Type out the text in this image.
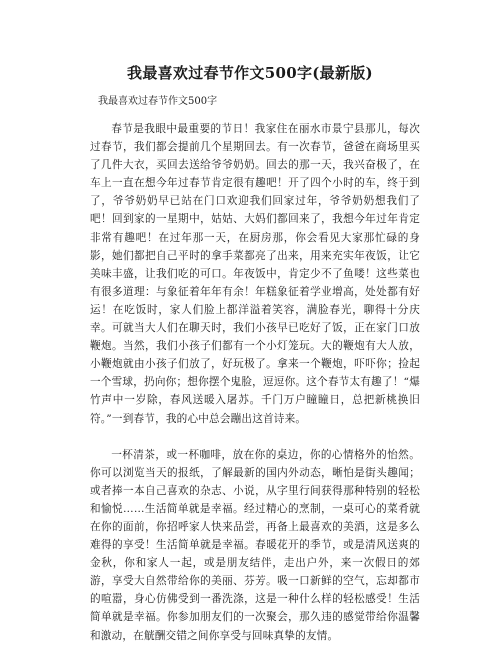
我最喜欢过春节作文500字(最新版)

我最喜欢过春节作文500字

春节是我眼中最重要的节日！我家住在丽水市景宁县那儿，每次过春节，我们都会提前几个星期回去。有一次春节，爸爸在商场里买了几件大衣，买回去送给爷爷奶奶。回去的那一天，我兴奋极了，在车上一直在想今年过春节肯定很有趣吧！开了四个小时的车，终于到了，爷爷奶奶早已站在门口欢迎我们回家过年，爷爷奶奶想我们了吧！回到家的一星期中，姑姑、大妈们都回来了，我想今年过年肯定非常有趣吧！在过年那一天，在厨房那，你会看见大家那忙碌的身影，她们都把自己平时的拿手菜都亮了出来，用来充实年夜饭，让它美味丰盛，让我们吃的可口。年夜饭中，肯定少不了鱼喽！这些菜也有很多道理：与象征着年年有余！年糕象征着学业增高，处处都有好运！在吃饭时，家人们脸上都洋溢着笑容，满脸春光，聊得十分庆幸。可就当大人们在聊天时，我们小孩早已吃好了饭，正在家门口放鞭炮。当然，我们小孩子们都有一个小灯笼玩。大的鞭炮有大人放，小鞭炮就由小孩子们放了，好玩极了。拿来一个鞭炮，吓吓你；捡起一个雪球，扔向你；想你摆个鬼脸，逗逗你。这个春节太有趣了！“爆竹声中一岁除，春风送暖入屠苏。千门万户瞳瞳日，总把新桃换旧符。”一到春节，我的心中总会蹦出这首诗来。

一杯清茶，或一杯咖啡，放在你的桌边，你的心情格外的怡然。你可以浏览当天的报纸，了解最新的国内外动态，晰怕是街头趣闻；或者捧一本自己喜欢的杂志、小说，从字里行间获得那种特别的轻松和愉悦……生活简单就是幸福。经过精心的烹制，一桌可心的菜肴就在你的面前，你招呼家人快来品尝，再备上最喜欢的美酒，这是多么难得的享受！生活简单就是幸福。春暖花开的季节，或是清风送爽的金秋，你和家人一起，或是朋友结伴，走出户外，来一次假日的郊游，享受大自然带给你的美丽、芬芳。吸一口新鲜的空气，忘却都市的喧嚣，身心仿佛受到一番洗涤，这是一种什么样的轻松感受！生活简单就是幸福。你参加朋友们的一次聚会，那久违的感觉带给你温馨和激动，在觥酬交错之间你享受与回味真挚的友情。
